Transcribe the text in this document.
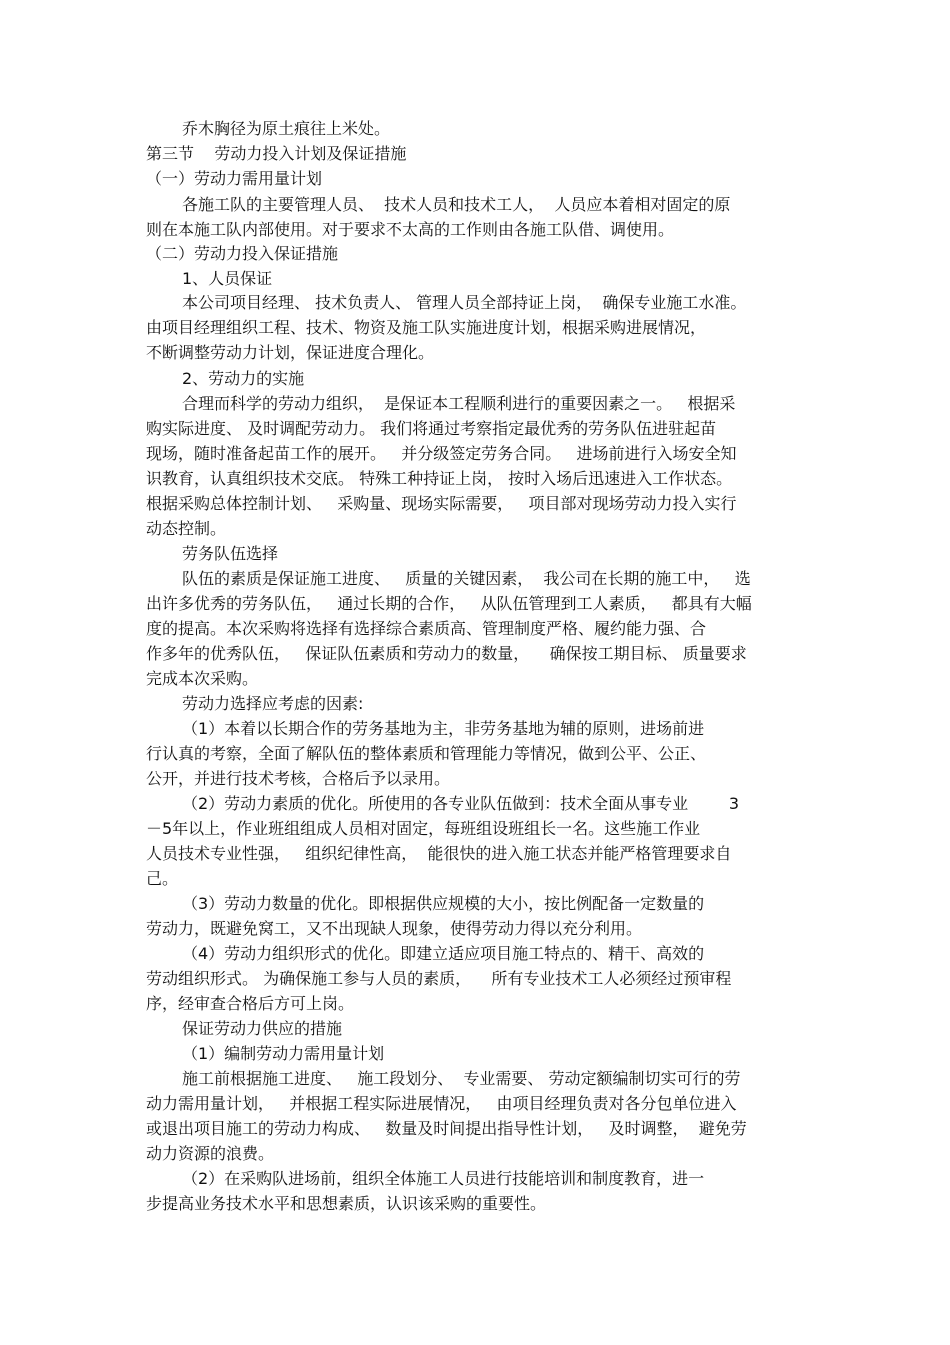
乔木胸径为原土痕往上米处。
第三节    劳动力投入计划及保证措施
（一）劳动力需用量计划
各施工队的主要管理人员、  技术人员和技术工人，  人员应本着相对固定的原
则在本施工队内部使用。对于要求不太高的工作则由各施工队借、调使用。
（二）劳动力投入保证措施
1、人员保证
本公司项目经理、 技术负责人、 管理人员全部持证上岗，  确保专业施工水准。
由项目经理组织工程、技术、物资及施工队实施进度计划，根据采购进展情况，
不断调整劳动力计划，保证进度合理化。
2、劳动力的实施
合理而科学的劳动力组织，  是保证本工程顺利进行的重要因素之一。   根据采
购实际进度、 及时调配劳动力。 我们将通过考察指定最优秀的劳务队伍进驻起苗
现场，随时准备起苗工作的展开。   并分级签定劳务合同。   进场前进行入场安全知
识教育，认真组织技术交底。 特殊工种持证上岗， 按时入场后迅速进入工作状态。
根据采购总体控制计划、   采购量、现场实际需要，   项目部对现场劳动力投入实行
动态控制。
劳务队伍选择
队伍的素质是保证施工进度、   质量的关键因素，  我公司在长期的施工中，   选
出许多优秀的劳务队伍，   通过长期的合作，   从队伍管理到工人素质，   都具有大幅
度的提高。本次采购将选择有选择综合素质高、管理制度严格、履约能力强、合
作多年的优秀队伍，   保证队伍素质和劳动力的数量，    确保按工期目标、 质量要求
完成本次采购。
劳动力选择应考虑的因素:
（1）本着以长期合作的劳务基地为主，非劳务基地为辅的原则，进场前进
行认真的考察，全面了解队伍的整体素质和管理能力等情况，做到公平、公正、
公开，并进行技术考核，合格后予以录用。
（2）劳动力素质的优化。所使用的各专业队伍做到：技术全面从事专业        3
－5年以上，作业班组组成人员相对固定，每班组设班组长一名。这些施工作业
人员技术专业性强，   组织纪律性高，  能很快的进入施工状态并能严格管理要求自
己。
（3）劳动力数量的优化。即根据供应规模的大小，按比例配备一定数量的
劳动力，既避免窝工，又不出现缺人现象，使得劳动力得以充分利用。
（4）劳动力组织形式的优化。即建立适应项目施工特点的、精干、高效的
劳动组织形式。 为确保施工参与人员的素质，    所有专业技术工人必须经过预审程
序，经审查合格后方可上岗。
保证劳动力供应的措施
（1）编制劳动力需用量计划
施工前根据施工进度、   施工段划分、  专业需要、 劳动定额编制切实可行的劳
动力需用量计划，   并根据工程实际进展情况，   由项目经理负责对各分包单位进入
或退出项目施工的劳动力构成、   数量及时间提出指导性计划，   及时调整，  避免劳
动力资源的浪费。
（2）在采购队进场前，组织全体施工人员进行技能培训和制度教育，进一
步提高业务技术水平和思想素质，认识该采购的重要性。
